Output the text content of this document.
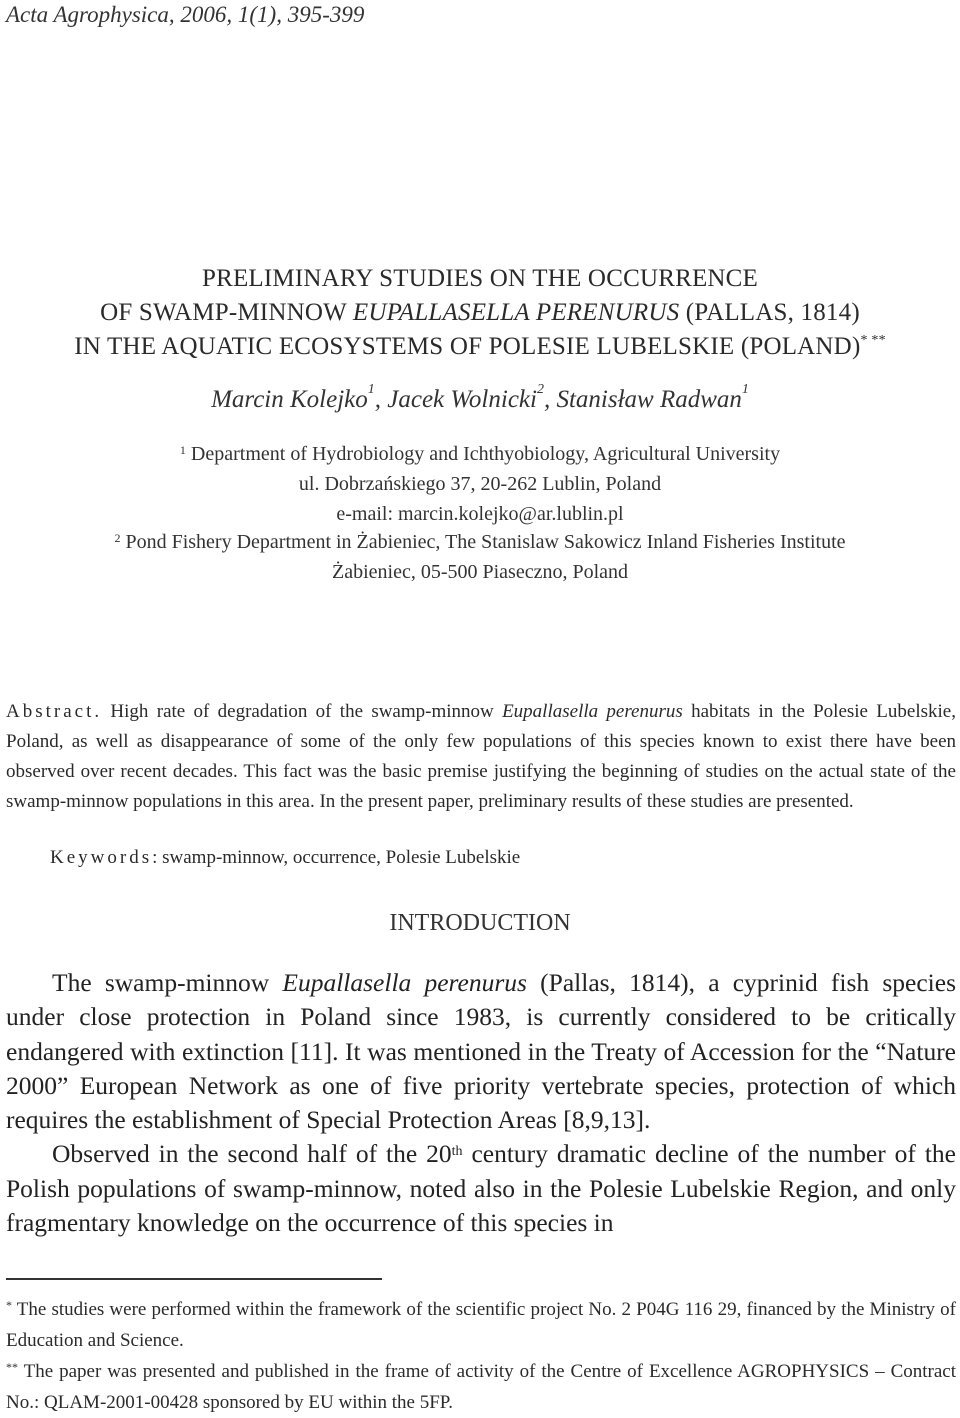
Acta Agrophysica, 2006, 1(1), 395-399
PRELIMINARY STUDIES ON THE OCCURRENCE
OF SWAMP-MINNOW EUPALLASELLA PERENURUS (PALLAS, 1814)
IN THE AQUATIC ECOSYSTEMS OF POLESIE LUBELSKIE (POLAND)* **
Marcin Kolejko$^1$, Jacek Wolnicki$^2$, Stanisław Radwan$^1$
$^1$ Department of Hydrobiology and Ichthyobiology, Agricultural University
ul. Dobrzańskiego 37, 20-262 Lublin, Poland
e-mail: marcin.kolejko@ar.lublin.pl
$^2$ Pond Fishery Department in Żabieniec, The Stanislaw Sakowicz Inland Fisheries Institute
Żabieniec, 05-500 Piaseczno, Poland
Abstract. High rate of degradation of the swamp-minnow Eupallasella perenurus habitats in the Polesie Lubelskie, Poland, as well as disappearance of some of the only few populations of this species known to exist there have been observed over recent decades. This fact was the basic premise justifying the beginning of studies on the actual state of the swamp-minnow populations in this area. In the present paper, preliminary results of these studies are presented.
Keywords: swamp-minnow, occurrence, Polesie Lubelskie
INTRODUCTION

The swamp-minnow Eupallasella perenurus (Pallas, 1814), a cyprinid fish species under close protection in Poland since 1983, is currently considered to be critically endangered with extinction [11]. It was mentioned in the Treaty of Accession for the “Nature 2000” European Network as one of five priority vertebrate species, protection of which requires the establishment of Special Protection Areas [8,9,13].

Observed in the second half of the 20th century dramatic decline of the number of the Polish populations of swamp-minnow, noted also in the Polesie Lubelskie Region, and only fragmentary knowledge on the occurrence of this species in

* The studies were performed within the framework of the scientific project No. 2 P04G 116 29, financed by the Ministry of Education and Science.

** The paper was presented and published in the frame of activity of the Centre of Excellence AGROPHYSICS – Contract No.: QLAM-2001-00428 sponsored by EU within the 5FP.
